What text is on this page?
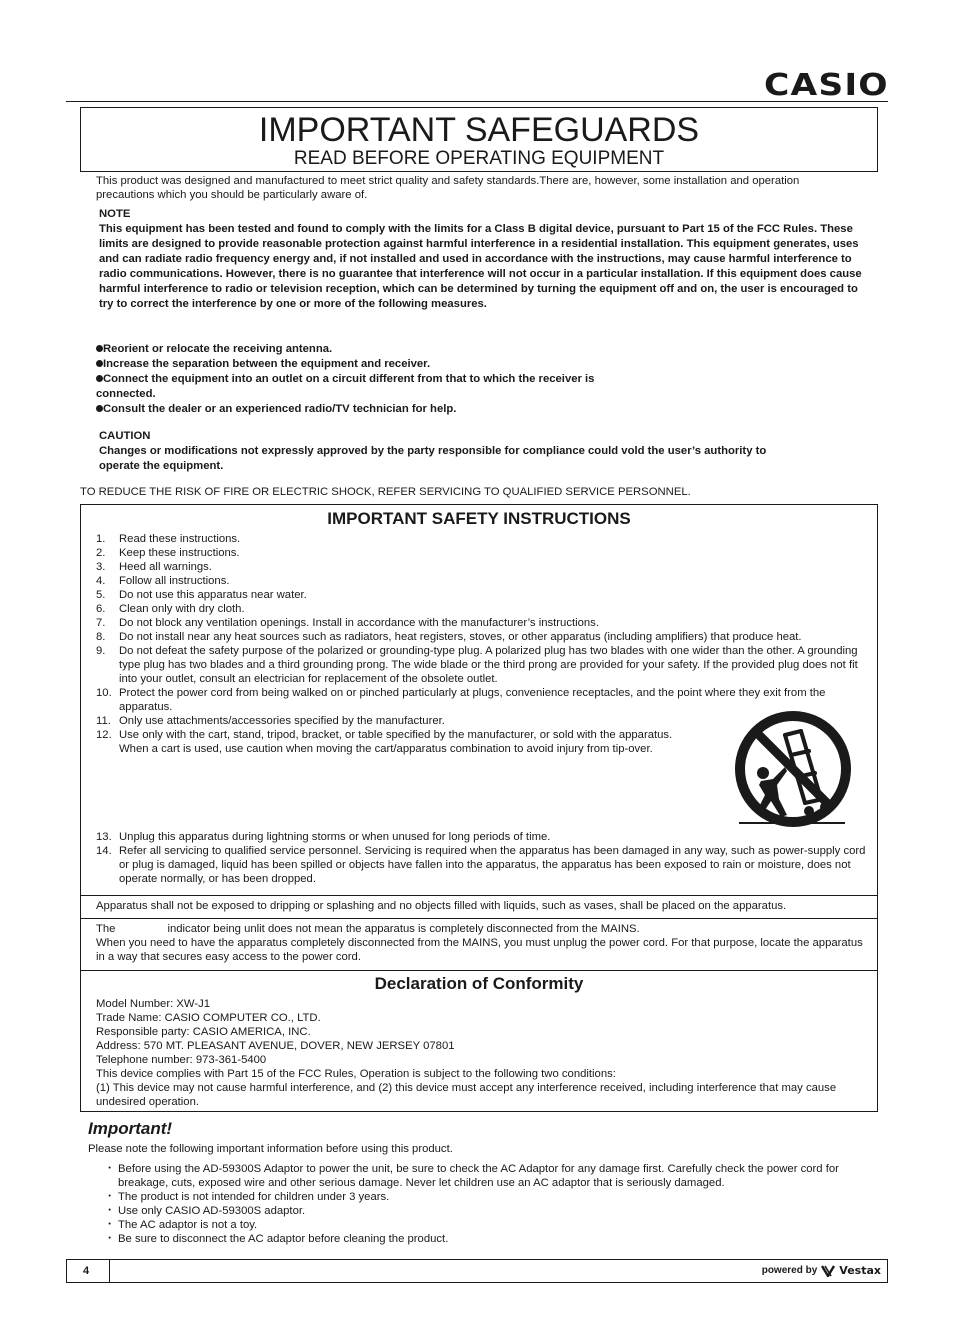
CASIO
IMPORTANT SAFEGUARDS
READ BEFORE OPERATING EQUIPMENT
This product was designed and manufactured to meet strict quality and safety standards.There are, however, some installation and operation precautions which you should be particularly aware of.
NOTE
This equipment has been tested and found to comply with the limits for a Class B digital device, pursuant to Part 15 of the FCC Rules. These limits are designed to provide reasonable protection against harmful interference in a residential installation. This equipment generates, uses and can radiate radio frequency energy and, if not installed and used in accordance with the instructions, may cause harmful interference to radio communications. However, there is no guarantee that interference will not occur in a particular installation. If this equipment does cause harmful interference to radio or television reception, which can be determined by turning the equipment off and on, the user is encouraged to try to correct the interference by one or more of the following measures.
Reorient or relocate the receiving antenna.
Increase the separation between the equipment and receiver.
Connect the equipment into an outlet on a circuit different from that to which the receiver is connected.
Consult the dealer or an experienced radio/TV technician for help.
CAUTION
Changes or modifications not expressly approved by the party responsible for compliance could vold the user’s authority to operate the equipment.
TO REDUCE THE RISK OF FIRE OR ELECTRIC SHOCK, REFER SERVICING TO QUALIFIED SERVICE PERSONNEL.
IMPORTANT SAFETY INSTRUCTIONS
1. Read these instructions.
2. Keep these instructions.
3. Heed all warnings.
4. Follow all instructions.
5. Do not use this apparatus near water.
6. Clean only with dry cloth.
7. Do not block any ventilation openings. Install in accordance with the manufacturer’s instructions.
8. Do not install near any heat sources such as radiators, heat registers, stoves, or other apparatus (including amplifiers) that produce heat.
9. Do not defeat the safety purpose of the polarized or grounding-type plug. A polarized plug has two blades with one wider than the other. A grounding type plug has two blades and a third grounding prong. The wide blade or the third prong are provided for your safety. If the provided plug does not fit into your outlet, consult an electrician for replacement of the obsolete outlet.
10. Protect the power cord from being walked on or pinched particularly at plugs, convenience receptacles, and the point where they exit from the apparatus.
11. Only use attachments/accessories specified by the manufacturer.
12. Use only with the cart, stand, tripod, bracket, or table specified by the manufacturer, or sold with the apparatus. When a cart is used, use caution when moving the cart/apparatus combination to avoid injury from tip-over.
13. Unplug this apparatus during lightning storms or when unused for long periods of time.
14. Refer all servicing to qualified service personnel. Servicing is required when the apparatus has been damaged in any way, such as power-supply cord or plug is damaged, liquid has been spilled or objects have fallen into the apparatus, the apparatus has been exposed to rain or moisture, does not operate normally, or has been dropped.
Apparatus shall not be exposed to dripping or splashing and no objects filled with liquids, such as vases, shall be placed on the apparatus.
The	indicator being unlit does not mean the apparatus is completely disconnected from the MAINS.
When you need to have the apparatus completely disconnected from the MAINS, you must unplug the power cord. For that purpose, locate the apparatus in a way that secures easy access to the power cord.
Declaration of Conformity
Model Number: XW-J1
Trade Name: CASIO COMPUTER CO., LTD.
Responsible party: CASIO AMERICA, INC.
Address: 570 MT. PLEASANT AVENUE, DOVER, NEW JERSEY 07801
Telephone number: 973-361-5400
This device complies with Part 15 of the FCC Rules, Operation is subject to the following two conditions:
(1) This device may not cause harmful interference, and (2) this device must accept any interference received, including interference that may cause undesired operation.
Important!
Please note the following important information before using this product.
・ Before using the AD-59300S Adaptor to power the unit, be sure to check the AC Adaptor for any damage first. Carefully check the power cord for breakage, cuts, exposed wire and other serious damage. Never let children use an AC adaptor that is seriously damaged.
・ The product is not intended for children under 3 years.
・ Use only CASIO AD-59300S adaptor.
・ The AC adaptor is not a toy.
・ Be sure to disconnect the AC adaptor before cleaning the product.
4	powered by Vestax
